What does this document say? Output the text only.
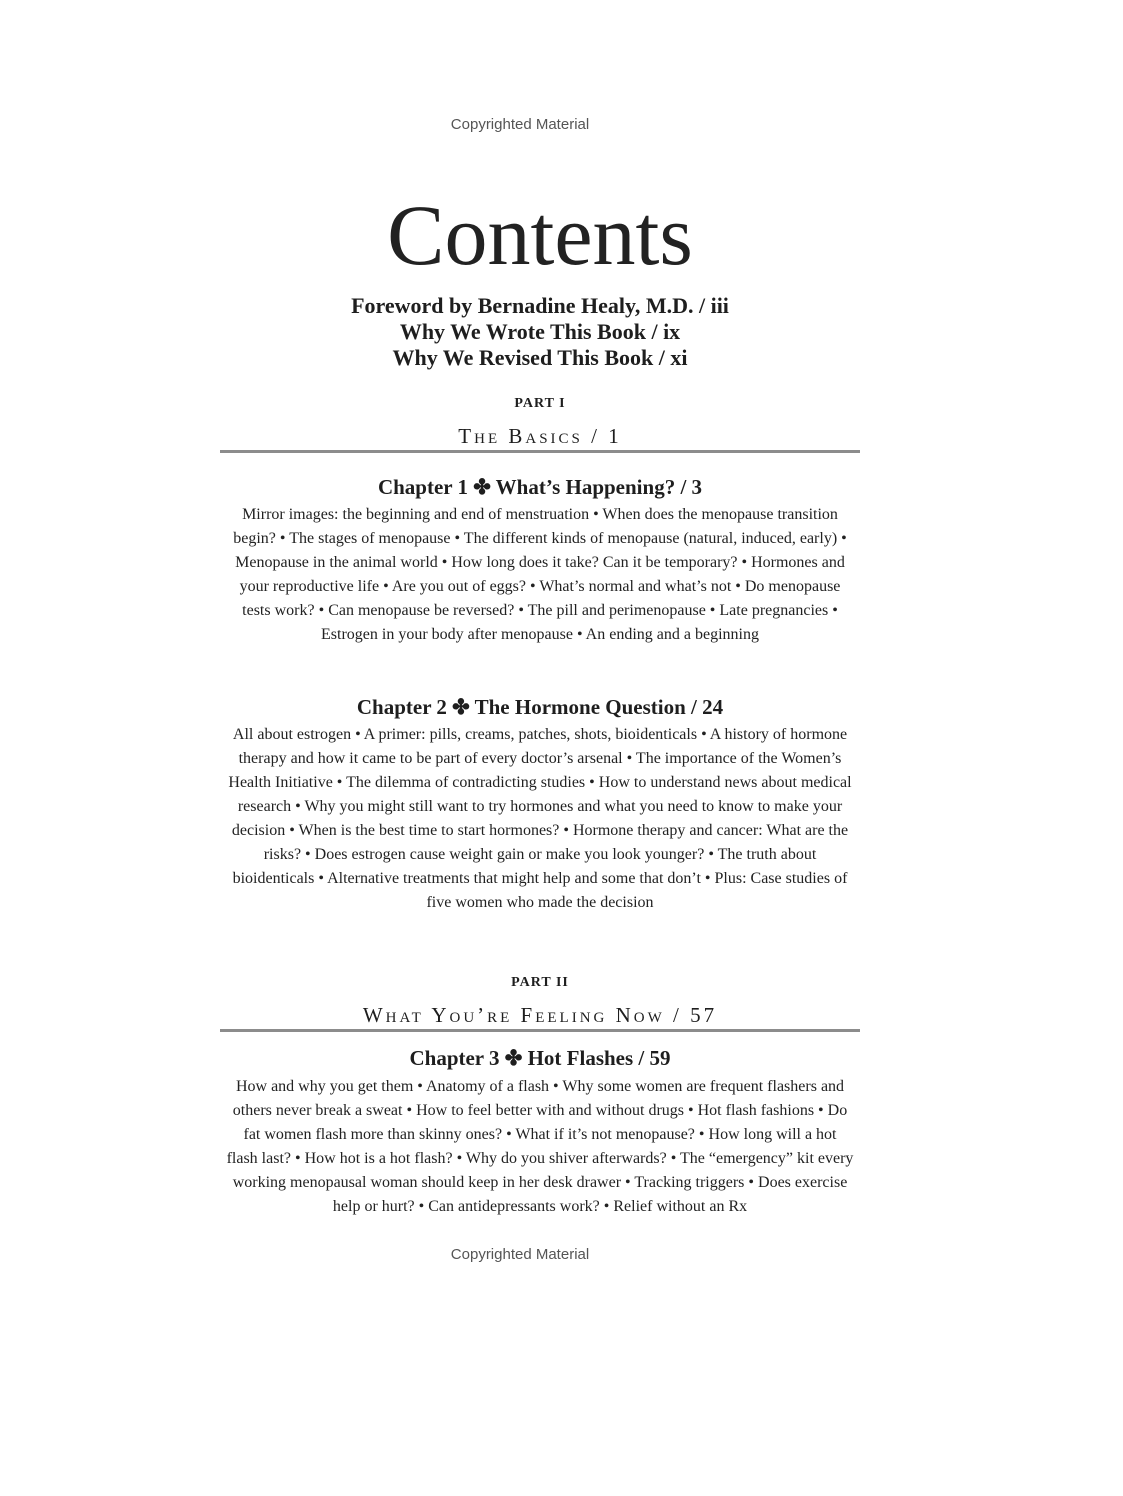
Copyrighted Material
Contents
Foreword by Bernadine Healy, M.D. / iii
Why We Wrote This Book / ix
Why We Revised This Book / xi
PART I
The Basics / 1
Chapter 1 ✤ What’s Happening? / 3
Mirror images: the beginning and end of menstruation • When does the menopause transition begin? • The stages of menopause • The different kinds of menopause (natural, induced, early) • Menopause in the animal world • How long does it take? Can it be temporary? • Hormones and your reproductive life • Are you out of eggs? • What’s normal and what’s not • Do menopause tests work? • Can menopause be reversed? • The pill and perimenopause • Late pregnancies • Estrogen in your body after menopause • An ending and a beginning
Chapter 2 ✤ The Hormone Question / 24
All about estrogen • A primer: pills, creams, patches, shots, bioidenticals • A history of hormone therapy and how it came to be part of every doctor’s arsenal • The importance of the Women’s Health Initiative • The dilemma of contradicting studies • How to understand news about medical research • Why you might still want to try hormones and what you need to know to make your decision • When is the best time to start hormones? • Hormone therapy and cancer: What are the risks? • Does estrogen cause weight gain or make you look younger? • The truth about bioidenticals • Alternative treatments that might help and some that don’t • Plus: Case studies of five women who made the decision
PART II
What You’re Feeling Now / 57
Chapter 3 ✤ Hot Flashes / 59
How and why you get them • Anatomy of a flash • Why some women are frequent flashers and others never break a sweat • How to feel better with and without drugs • Hot flash fashions • Do fat women flash more than skinny ones? • What if it’s not menopause? • How long will a hot flash last? • How hot is a hot flash? • Why do you shiver afterwards? • The “emergency” kit every working menopausal woman should keep in her desk drawer • Tracking triggers • Does exercise help or hurt? • Can antidepressants work? • Relief without an Rx
Copyrighted Material
